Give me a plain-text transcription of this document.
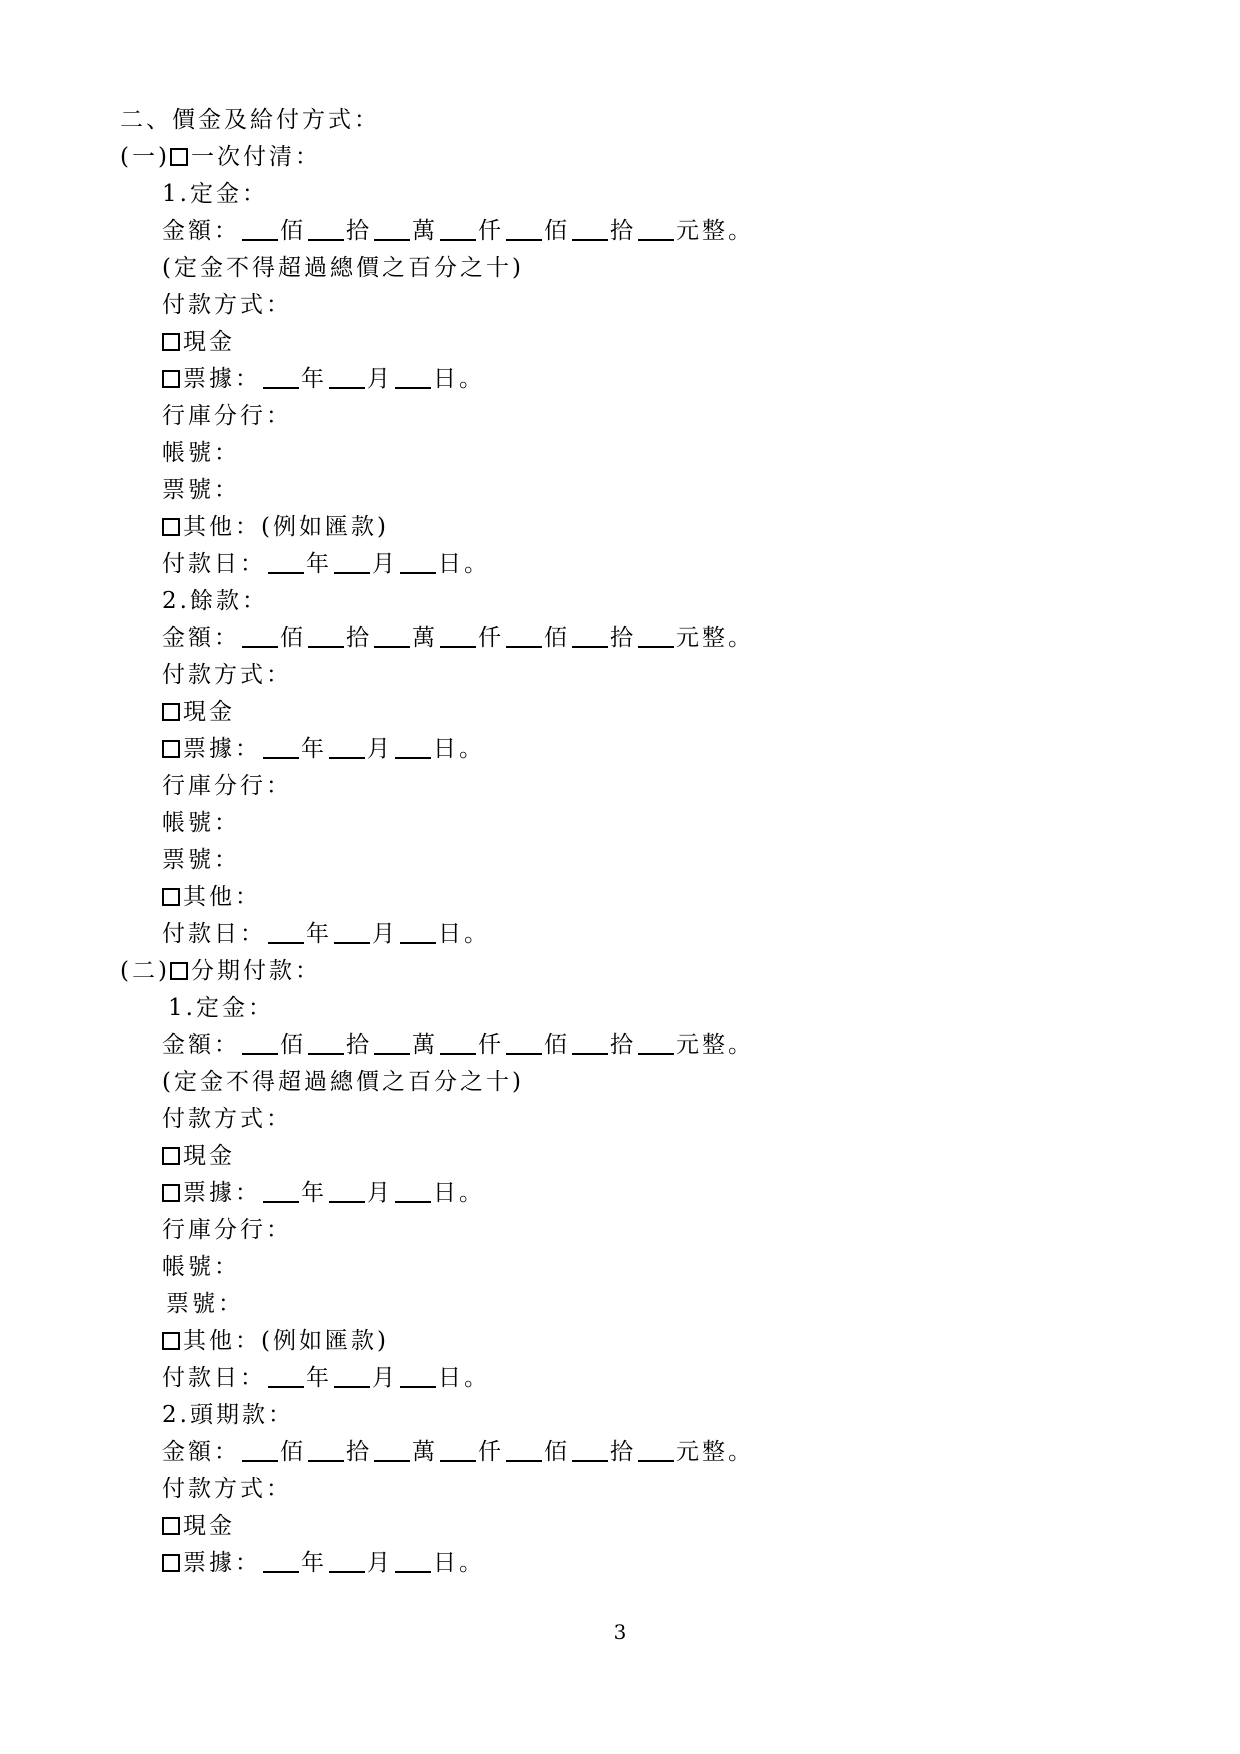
二、價金及給付方式：
(一) 一次付清：
1.定金：
金額： 佰 拾 萬 仟 佰 拾 元整。
(定金不得超過總價之百分之十)
付款方式：
現金
票據： 年 月 日。
行庫分行：
帳號：
票號：
其他：(例如匯款)
付款日： 年 月 日。
2.餘款：
金額： 佰 拾 萬 仟 佰 拾 元整。
付款方式：
現金
票據： 年 月 日。
行庫分行：
帳號：
票號：
其他：
付款日： 年 月 日。
(二) 分期付款：
1.定金：
金額： 佰 拾 萬 仟 佰 拾 元整。
(定金不得超過總價之百分之十)
付款方式：
現金
票據： 年 月 日。
行庫分行：
帳號：
票號：
其他：(例如匯款)
付款日： 年 月 日。
2.頭期款：
金額： 佰 拾 萬 仟 佰 拾 元整。
付款方式：
現金
票據： 年 月 日。
3
